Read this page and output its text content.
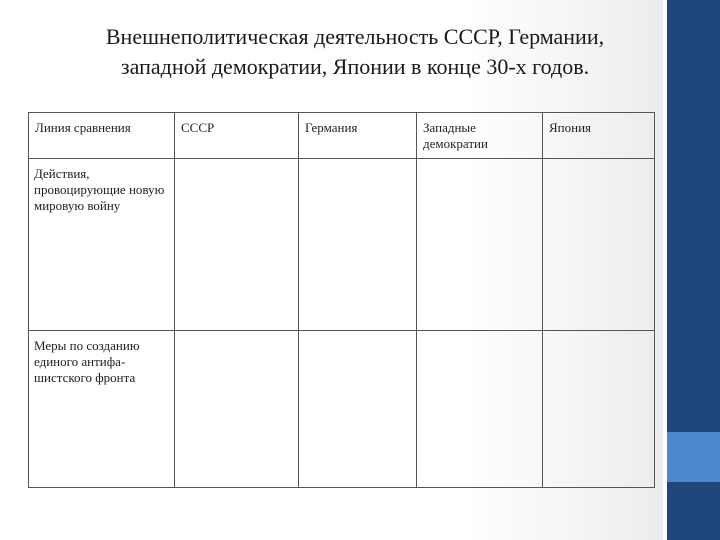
Внешнеполитическая деятельность СССР, Германии,
западной демократии, Японии в конце 30-х годов.
Линия сравнения	СССР	Германия	Западные демократии	Япония
Действия, провоцирующие новую мировую войну				
Меры по созданию единого антифа-шистского фронта				
